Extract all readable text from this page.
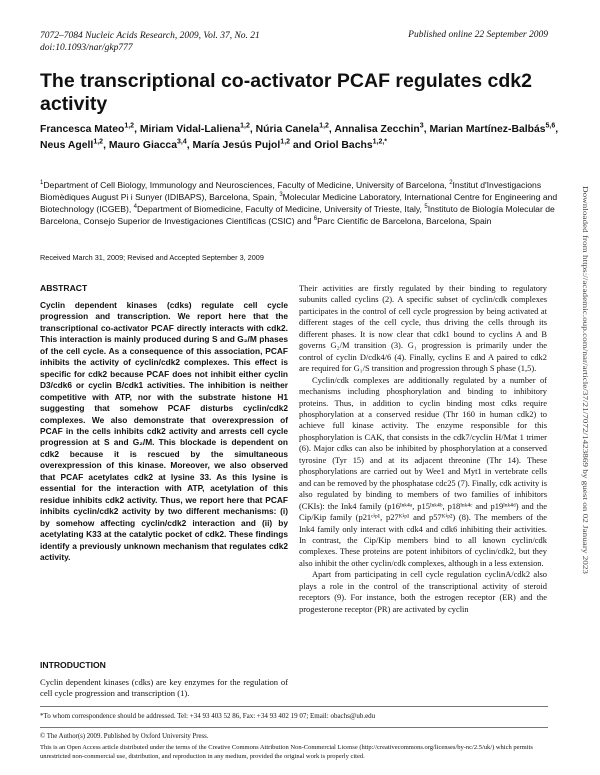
7072–7084 Nucleic Acids Research, 2009, Vol. 37, No. 21
doi:10.1093/nar/gkp777
Published online 22 September 2009
The transcriptional co-activator PCAF regulates cdk2 activity
Francesca Mateo$^{1,2}$, Miriam Vidal-Laliena$^{1,2}$, Núria Canela$^{1,2}$, Annalisa Zecchin$^3$, Marian Martínez-Balbás$^{5,6}$, Neus Agell$^{1,2}$, Mauro Giacca$^{3,4}$, María Jesús Pujol$^{1,2}$ and Oriol Bachs$^{1,2,*}$
$^1$Department of Cell Biology, Immunology and Neurosciences, Faculty of Medicine, University of Barcelona, $^2$Institut d'Investigacions Biomèdiques August Pi i Sunyer (IDIBAPS), Barcelona, Spain, $^3$Molecular Medicine Laboratory, International Centre for Engineering and Biotechnology (ICGEB), $^4$Department of Biomedicine, Faculty of Medicine, University of Trieste, Italy, $^5$Instituto de Biología Molecular de Barcelona, Consejo Superior de Investigaciones Científicas (CSIC) and $^6$Parc Científic de Barcelona, Barcelona, Spain
Received March 31, 2009; Revised and Accepted September 3, 2009
ABSTRACT

Cyclin dependent kinases (cdks) regulate cell cycle progression and transcription. We report here that the transcriptional co-activator PCAF directly interacts with cdk2. This interaction is mainly produced during S and G₂/M phases of the cell cycle. As a consequence of this association, PCAF inhibits the activity of cyclin/cdk2 complexes. This effect is specific for cdk2 because PCAF does not inhibit either cyclin D3/cdk6 or cyclin B/cdk1 activities. The inhibition is neither competitive with ATP, nor with the substrate histone H1 suggesting that somehow PCAF disturbs cyclin/cdk2 complexes. We also demonstrate that overexpression of PCAF in the cells inhibits cdk2 activity and arrests cell cycle progression at S and G₂/M. This blockade is dependent on cdk2 because it is rescued by the simultaneous overexpression of this kinase. Moreover, we also observed that PCAF acetylates cdk2 at lysine 33. As this lysine is essential for the interaction with ATP, acetylation of this residue inhibits cdk2 activity. Thus, we report here that PCAF inhibits cyclin/cdk2 activity by two different mechanisms: (i) by somehow affecting cyclin/cdk2 interaction and (ii) by acetylating K33 at the catalytic pocket of cdk2. These findings identify a previously unknown mechanism that regulates cdk2 activity.

INTRODUCTION

Cyclin dependent kinases (cdks) are key enzymes for the regulation of cell cycle progression and transcription (1).

Their activities are firstly regulated by their binding to regulatory subunits called cyclins (2). A specific subset of cyclin/cdk complexes participates in the control of cell cycle progression by being activated at different stages of the cell cycle, thus driving the cells through its different phases. It is now clear that cdk1 bound to cyclins A and B governs G₂/M transition (3). G₁ progression is primarily under the control of cyclin D/cdk4/6 (4). Finally, cyclins E and A paired to cdk2 are required for G₁/S transition and progression through S phase (1,5).

Cyclin/cdk complexes are additionally regulated by a number of mechanisms including phosphorylation and binding to inhibitory proteins. Thus, in addition to cyclin binding most cdks require phosphorylation at a conserved residue (Thr 160 in human cdk2) to achieve full kinase activity. The enzyme responsible for this phosphorylation is CAK, that consists in the cdk7/cyclin H/Mat 1 trimer (6). Major cdks can also be inhibited by phosphorylation at a conserved tyrosine (Tyr 15) and at its adjacent threonine (Thr 14). These phosphorylations are carried out by Wee1 and Myt1 in vertebrate cells and can be removed by the phosphatase cdc25 (7). Finally, cdk activity is also regulated by binding to members of two families of inhibitors (CKIs): the Ink4 family (p16ᴵⁿᵏ⁴ᵃ, p15ᴵⁿᵏ⁴ᵇ, p18ᴵⁿᵏ⁴ᶜ and p19ᴵⁿᵏ⁴ᵈ) and the Cip/Kip family (p21ᶜⁱᵖ¹, p27ᴷⁱᵖ¹ and p57ᴷⁱᵖ²) (8). The members of the Ink4 family only interact with cdk4 and cdk6 inhibiting their activities. In contrast, the Cip/Kip members bind to all known cyclin/cdk complexes. These proteins are potent inhibitors of cyclin/cdk2, but they also inhibit the other cyclin/cdk complexes, although in a less extension.

Apart from participating in cell cycle regulation cyclinA/cdk2 also plays a role in the control of the transcriptional activity of steroid receptors (9). For instance, both the estrogen receptor (ER) and the progesterone receptor (PR) are activated by cyclin

*To whom correspondence should be addressed. Tel: +34 93 403 52 86, Fax: +34 93 402 19 07; Email: obachs@ub.edu
© The Author(s) 2009. Published by Oxford University Press.
This is an Open Access article distributed under the terms of the Creative Commons Attribution Non-Commercial License (http://creativecommons.org/licenses/by-nc/2.5/uk/) which permits unrestricted non-commercial use, distribution, and reproduction in any medium, provided the original work is properly cited.
Downloaded from https://academic.oup.com/nar/article/37/21/7072/1423869 by guest on 02 January 2023
